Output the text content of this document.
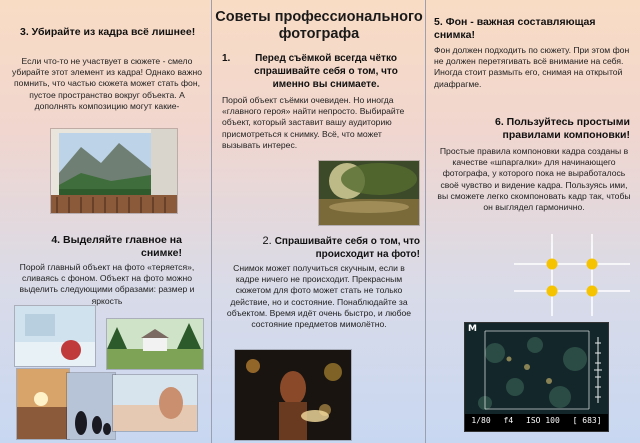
3. Убирайте из кадра всё лишнее!

Если что-то не участвует в сюжете - смело убирайте этот элемент из кадра! Однако важно помнить, что частью сюжета может стать фон, пустое пространство вокруг объекта. А дополнять композицию могут какие-

4. Выделяйте главное на снимке!

Порой главный объект на фото «теряется», сливаясь с фоном. Объект на фото можно выделить следующими образами: размер и яркость

Советы профессионального фотографа

1.	Перед съёмкой всегда чётко спрашивайте себя о том, что именно вы снимаете.

Порой объект съёмки очевиден. Но иногда «главного героя» найти непросто. Выбирайте объект, который заставит вашу аудиторию присмотреться к снимку. Всё, что может вызывать интерес.

2. Спрашивайте себя о том, что происходит на фото!

Снимок может получиться скучным, если в кадре ничего не происходит. Прекрасным сюжетом для фото может стать не только действие, но и состояние. Понаблюдайте за объектом. Время идёт очень быстро, и любое состояние предметов мимолётно.

5. Фон - важная составляющая снимка!

Фон должен подходить по сюжету. При этом фон не должен перетягивать всё внимание на себя. Иногда стоит размыть его, снимая на открытой диафрагме.

6. Пользуйтесь простыми правилами компоновки!

Простые правила компоновки кадра созданы в качестве «шпаргалки» для начинающего фотографа, у которого пока не выработалось своё чувство и видение кадра. Пользуясь ими, вы сможете легко скомпоновать кадр так, чтобы он выглядел гармонично.

M
1/80 f4 ISO 100 [ 683]
